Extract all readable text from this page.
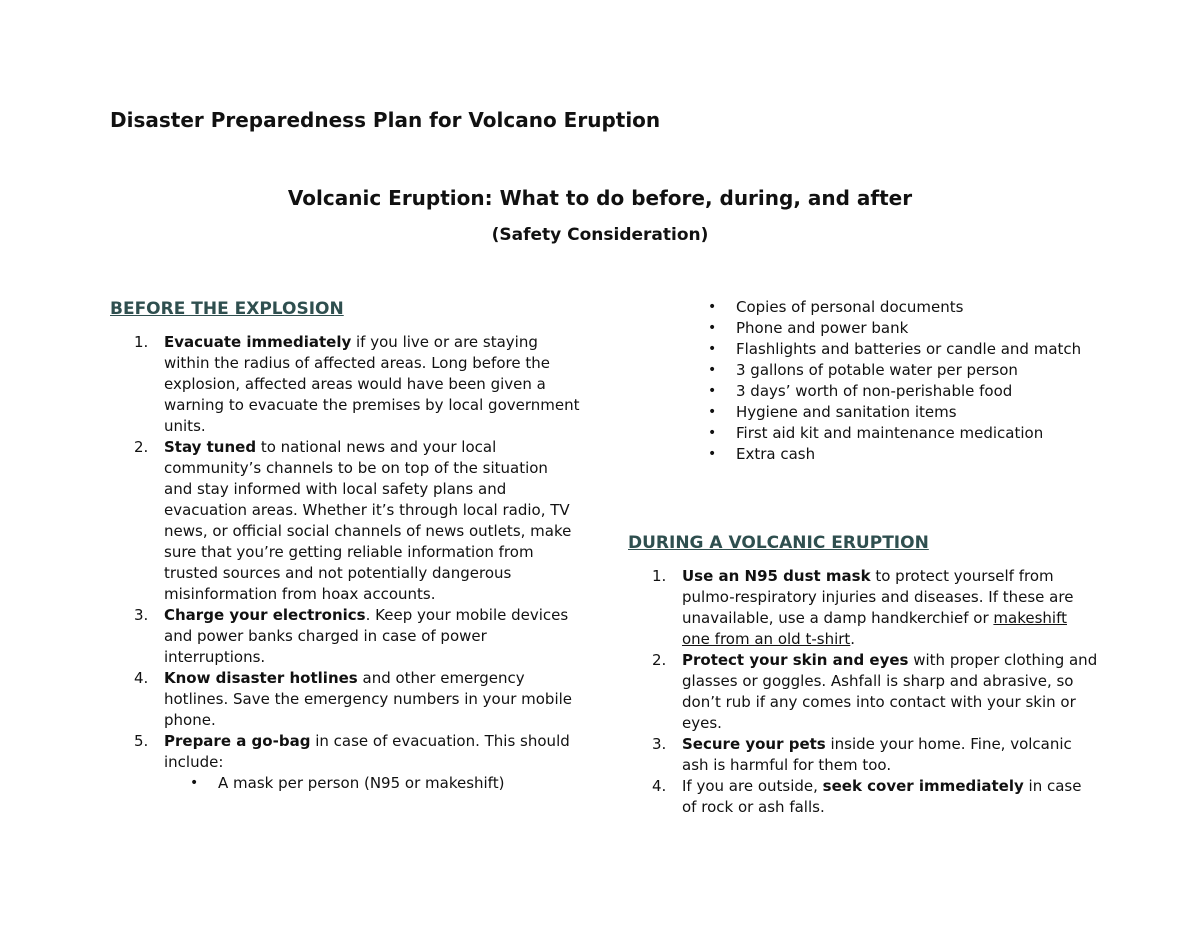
Disaster Preparedness Plan for Volcano Eruption
Volcanic Eruption: What to do before, during, and after
(Safety Consideration)
BEFORE THE EXPLOSION
1. Evacuate immediately if you live or are staying within the radius of affected areas. Long before the explosion, affected areas would have been given a warning to evacuate the premises by local government units.
2. Stay tuned to national news and your local community’s channels to be on top of the situation and stay informed with local safety plans and evacuation areas. Whether it’s through local radio, TV news, or official social channels of news outlets, make sure that you’re getting reliable information from trusted sources and not potentially dangerous misinformation from hoax accounts.
3. Charge your electronics. Keep your mobile devices and power banks charged in case of power interruptions.
4. Know disaster hotlines and other emergency hotlines. Save the emergency numbers in your mobile phone.
5. Prepare a go-bag in case of evacuation. This should include:
• A mask per person (N95 or makeshift)
• Copies of personal documents
• Phone and power bank
• Flashlights and batteries or candle and match
• 3 gallons of potable water per person
• 3 days’ worth of non-perishable food
• Hygiene and sanitation items
• First aid kit and maintenance medication
• Extra cash
DURING A VOLCANIC ERUPTION
1. Use an N95 dust mask to protect yourself from pulmo-respiratory injuries and diseases. If these are unavailable, use a damp handkerchief or makeshift one from an old t-shirt.
2. Protect your skin and eyes with proper clothing and glasses or goggles. Ashfall is sharp and abrasive, so don’t rub if any comes into contact with your skin or eyes.
3. Secure your pets inside your home. Fine, volcanic ash is harmful for them too.
4. If you are outside, seek cover immediately in case of rock or ash falls.
